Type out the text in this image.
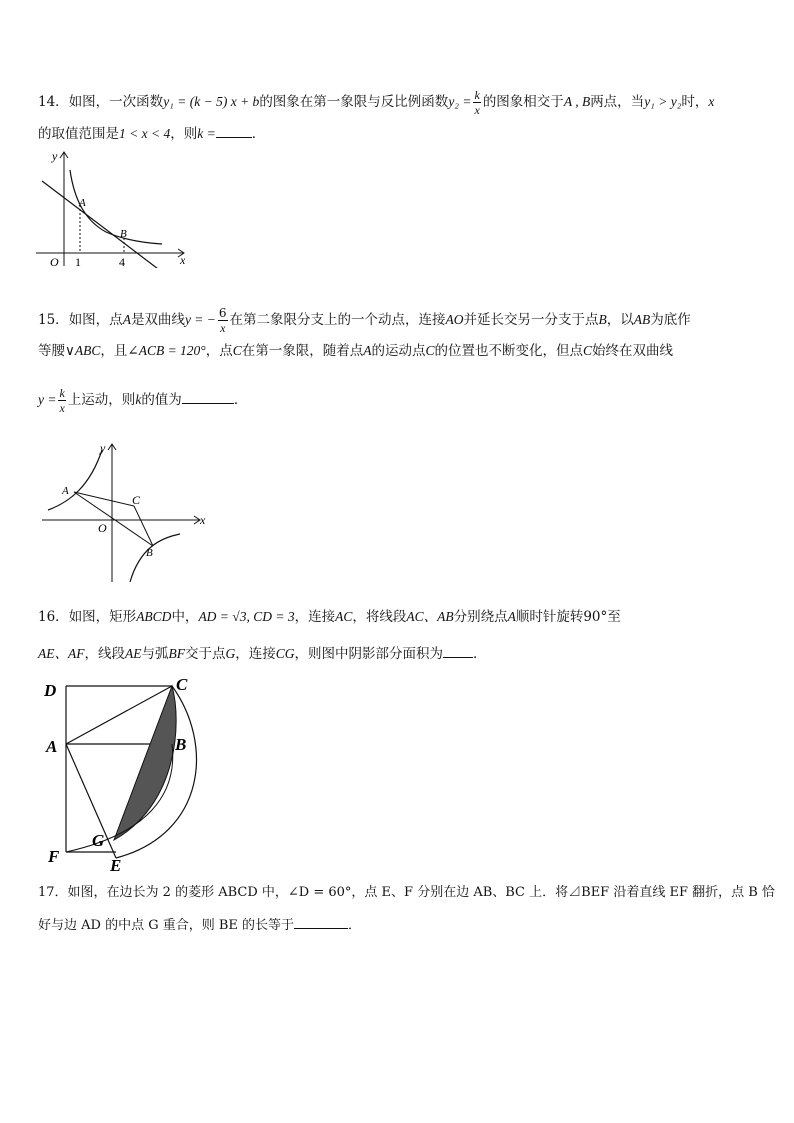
14．如图，一次函数y₁ = (k − 5) x + b的图象在第一象限与反比例函数$y_2 = \frac{k}{x}$ 的图象相交于A , B两点，当y₁ > y₂时，x
的取值范围是1 < x < 4，则k =	．
y
x
O
A
B
1	4
15．如图，点A是双曲线y = − $\frac{6}{x}$ 在第二象限分支上的一个动点，连接AO并延长交另一分支于点B，以AB为底作
等腰∨ABC，且∠ACB = 120°，点C在第一象限，随着点A的运动点C的位置也不断变化，但点C始终在双曲线
$y = \frac{k}{x}$ 上运动，则k的值为	．
y
x
O
A
C
B
16．如图，矩形ABCD中，AD = √3, CD = 3，连接AC，将线段AC、AB分别绕点A顺时针旋转90°至
AE、AF，线段AE与弧BF交于点G，连接CG，则图中阴影部分面积为 ．
D	C
A	B
G
F	E
17．如图，在边长为 2 的菱形 ABCD 中，∠D = 60°，点 E、F 分别在边 AB、BC 上．将⊿BEF 沿着直线 EF 翻折，点 B 恰
好与边 AD 的中点 G 重合，则 BE 的长等于	．
